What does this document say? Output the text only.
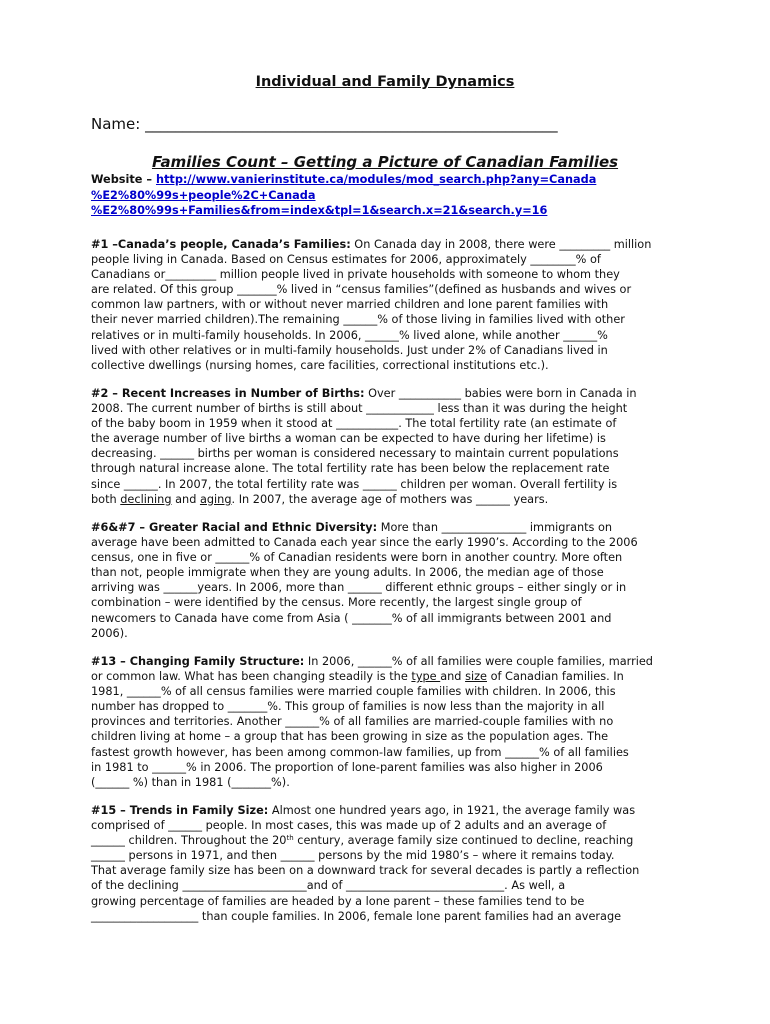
Individual and Family Dynamics
Name: _______________________________________________________
Families Count – Getting a Picture of Canadian Families
Website – http://www.vanierinstitute.ca/modules/mod_search.php?any=Canada
%E2%80%99s+people%2C+Canada
%E2%80%99s+Families&from=index&tpl=1&search.x=21&search.y=16
#1 –Canada’s people, Canada’s Families: On Canada day in 2008, there were _________ million
people living in Canada. Based on Census estimates for 2006, approximately ________% of
Canadians or_________ million people lived in private households with someone to whom they
are related. Of this group _______% lived in “census families”(defined as husbands and wives or
common law partners, with or without never married children and lone parent families with
their never married children).The remaining ______% of those living in families lived with other
relatives or in multi-family households. In 2006, ______% lived alone, while another ______%
lived with other relatives or in multi-family households. Just under 2% of Canadians lived in
collective dwellings (nursing homes, care facilities, correctional institutions etc.).
#2 – Recent Increases in Number of Births: Over ___________ babies were born in Canada in
2008. The current number of births is still about ____________ less than it was during the height
of the baby boom in 1959 when it stood at ___________. The total fertility rate (an estimate of
the average number of live births a woman can be expected to have during her lifetime) is
decreasing. ______ births per woman is considered necessary to maintain current populations
through natural increase alone. The total fertility rate has been below the replacement rate
since ______. In 2007, the total fertility rate was ______ children per woman. Overall fertility is
both declining and aging. In 2007, the average age of mothers was ______ years.
#6&#7 – Greater Racial and Ethnic Diversity: More than _______________ immigrants on
average have been admitted to Canada each year since the early 1990’s. According to the 2006
census, one in five or ______% of Canadian residents were born in another country. More often
than not, people immigrate when they are young adults. In 2006, the median age of those
arriving was ______years. In 2006, more than ______ different ethnic groups – either singly or in
combination – were identified by the census. More recently, the largest single group of
newcomers to Canada have come from Asia ( _______% of all immigrants between 2001 and
2006).
#13 – Changing Family Structure: In 2006, ______% of all families were couple families, married
or common law. What has been changing steadily is the type and size of Canadian families. In
1981, ______% of all census families were married couple families with children. In 2006, this
number has dropped to _______%. This group of families is now less than the majority in all
provinces and territories. Another ______% of all families are married-couple families with no
children living at home – a group that has been growing in size as the population ages. The
fastest growth however, has been among common-law families, up from ______% of all families
in 1981 to ______% in 2006. The proportion of lone-parent families was also higher in 2006
(______ %) than in 1981 (_______%).
#15 – Trends in Family Size: Almost one hundred years ago, in 1921, the average family was
comprised of ______ people. In most cases, this was made up of 2 adults and an average of
______ children. Throughout the 20th century, average family size continued to decline, reaching
______ persons in 1971, and then ______ persons by the mid 1980’s – where it remains today.
That average family size has been on a downward track for several decades is partly a reflection
of the declining ______________________and of ____________________________. As well, a
growing percentage of families are headed by a lone parent – these families tend to be
___________________ than couple families. In 2006, female lone parent families had an average
